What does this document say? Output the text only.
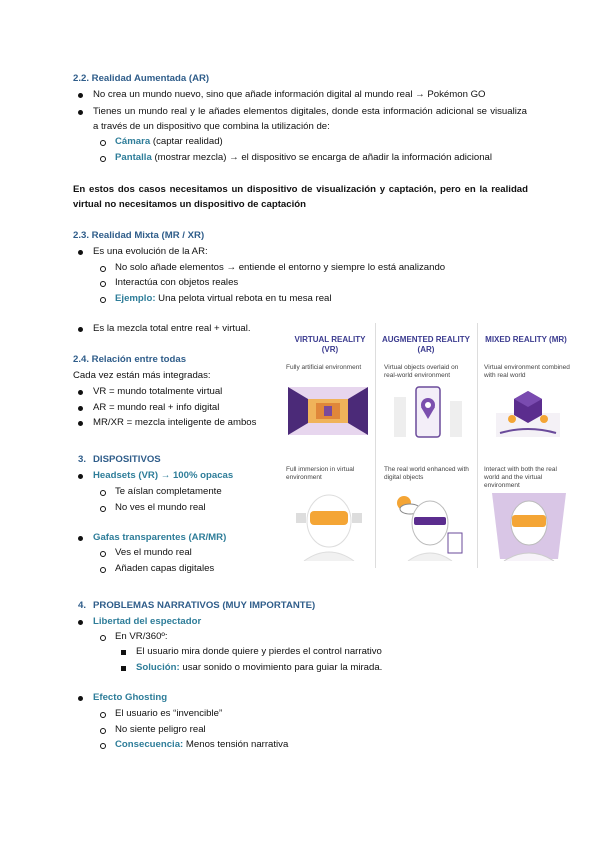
2.2. Realidad Aumentada (AR)
No crea un mundo nuevo, sino que añade información digital al mundo real → Pokémon GO
Tienes un mundo real y le añades elementos digitales, donde esta información adicional se visualiza a través de un dispositivo que combina la utilización de:
Cámara (captar realidad)
Pantalla (mostrar mezcla) → el dispositivo se encarga de añadir la información adicional
En estos dos casos necesitamos un dispositivo de visualización y captación, pero en la realidad virtual no necesitamos un dispositivo de captación
2.3. Realidad Mixta (MR / XR)
Es una evolución de la AR:
No solo añade elementos → entiende el entorno y siempre lo está analizando
Interactúa con objetos reales
Ejemplo: Una pelota virtual rebota en tu mesa real
Es la mezcla total entre real + virtual.
2.4. Relación entre todas
Cada vez están más integradas:
VR = mundo totalmente virtual
AR = mundo real + info digital
MR/XR = mezcla inteligente de ambos
3. DISPOSITIVOS
Headsets (VR) → 100% opacas
Te aíslan completamente
No ves el mundo real
Gafas transparentes (AR/MR)
Ves el mundo real
Añaden capas digitales
4. PROBLEMAS NARRATIVOS (MUY IMPORTANTE)
Libertad del espectador
En VR/360º:
El usuario mira donde quiere y pierdes el control narrativo
Solución: usar sonido o movimiento para guiar la mirada.
Efecto Ghosting
El usuario es “invencible”
No siente peligro real
Consecuencia: Menos tensión narrativa
VIRTUAL REALITY (VR)
AUGMENTED REALITY (AR)
MIXED REALITY (MR)
Fully artificial environment	Virtual objects overlaid on real-world environment
Virtual environment combined with real world
Full immersion in virtual environment
The real world enhanced with digital objects
Interact with both the real world and the virtual environment
